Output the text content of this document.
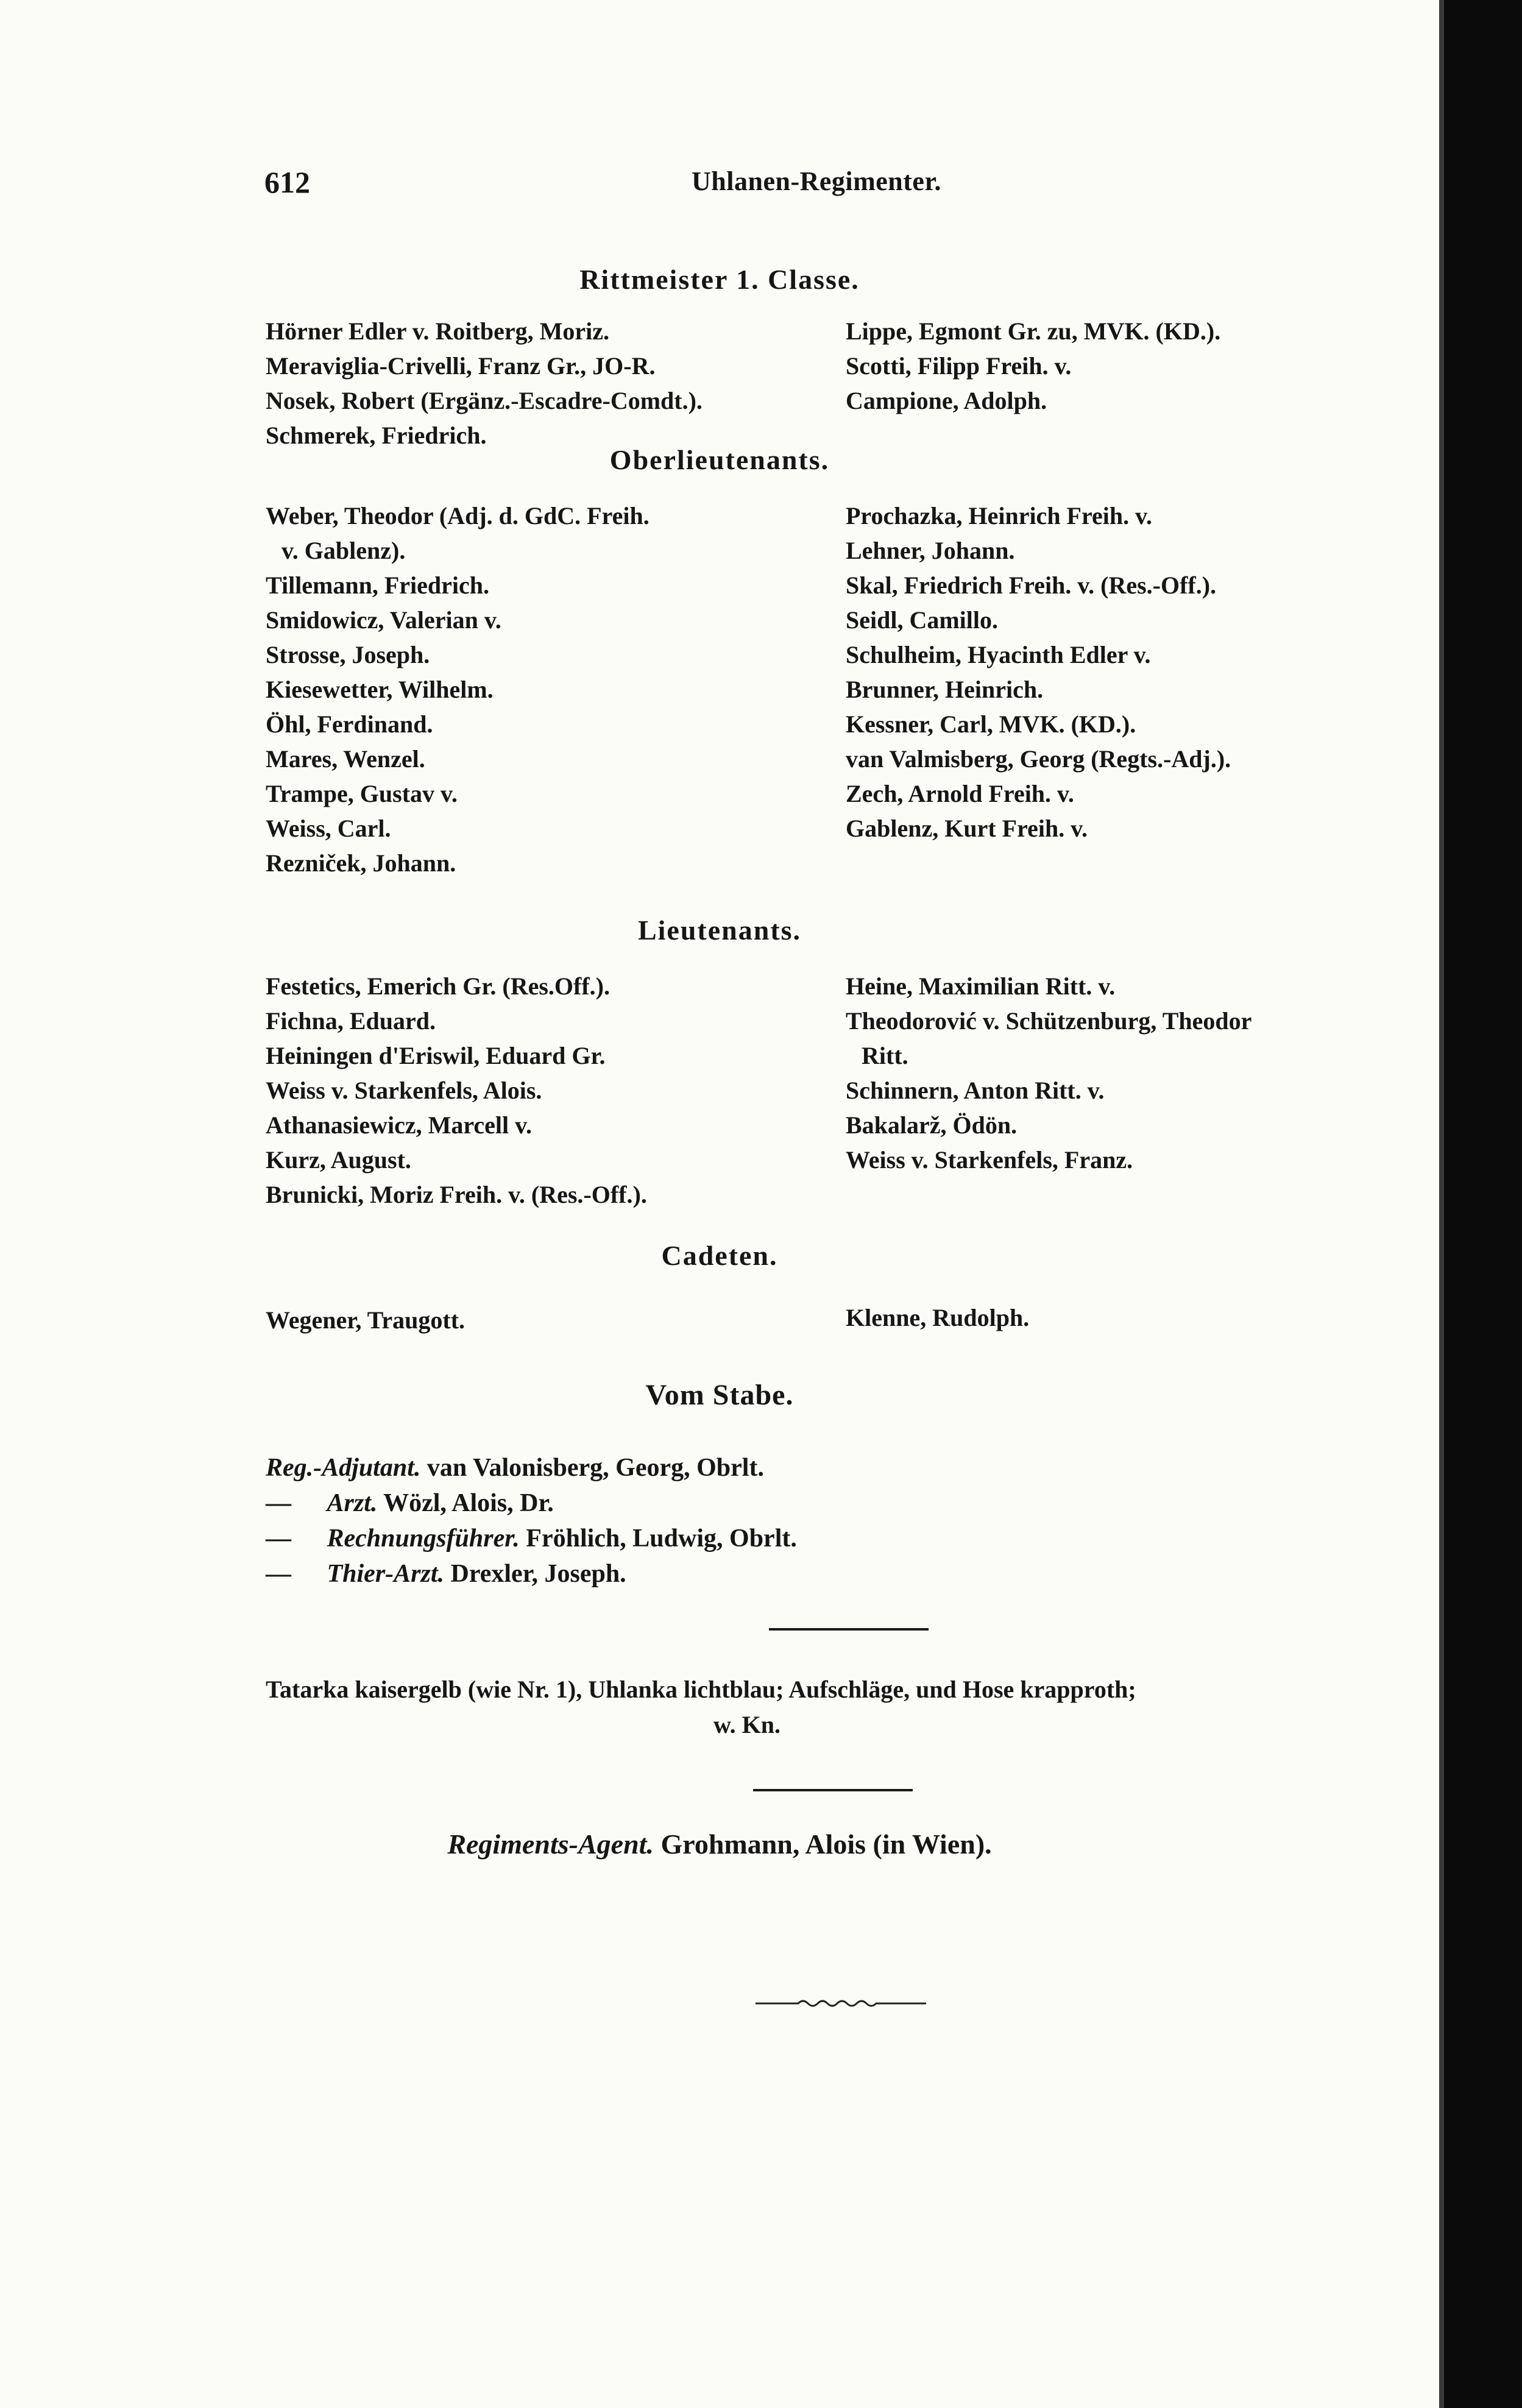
612	Uhlanen-Regimenter.
Rittmeister 1. Classe.
Hörner Edler v. Roitberg, Moriz.
Meraviglia-Crivelli, Franz Gr., JO-R.
Nosek, Robert (Ergänz.-Escadre-Comdt.).
Schmerek, Friedrich.
Lippe, Egmont Gr. zu, MVK. (KD.).
Scotti, Filipp Freih. v.
Campione, Adolph.
Oberlieutenants.
Weber, Theodor (Adj. d. GdC. Freih.
v. Gablenz).
Tillemann, Friedrich.
Smidowicz, Valerian v.
Strosse, Joseph.
Kiesewetter, Wilhelm.
Öhl, Ferdinand.
Mares, Wenzel.
Trampe, Gustav v.
Weiss, Carl.
Rezniček, Johann.
Prochazka, Heinrich Freih. v.
Lehner, Johann.
Skal, Friedrich Freih. v. (Res.-Off.).
Seidl, Camillo.
Schulheim, Hyacinth Edler v.
Brunner, Heinrich.
Kessner, Carl, MVK. (KD.).
van Valmisberg, Georg (Regts.-Adj.).
Zech, Arnold Freih. v.
Gablenz, Kurt Freih. v.
Lieutenants.
Festetics, Emerich Gr. (Res.Off.).
Fichna, Eduard.
Heiningen d'Eriswil, Eduard Gr.
Weiss v. Starkenfels, Alois.
Athanasiewicz, Marcell v.
Kurz, August.
Brunicki, Moriz Freih. v. (Res.-Off.).
Heine, Maximilian Ritt. v.
Theodorović v. Schützenburg, Theodor
Ritt.
Schinnern, Anton Ritt. v.
Bakalarž, Ödön.
Weiss v. Starkenfels, Franz.
Cadeten.
Wegener, Traugott.	Klenne, Rudolph.
Vom Stabe.
Reg.-Adjutant. van Valonisberg, Georg, Obrlt.
— Arzt. Wözl, Alois, Dr.
— Rechnungsführer. Fröhlich, Ludwig, Obrlt.
— Thier-Arzt. Drexler, Joseph.
Tatarka kaisergelb (wie Nr. 1), Uhlanka lichtblau; Aufschläge, und Hose krapproth;
w. Kn.
Regiments-Agent. Grohmann, Alois (in Wien).
